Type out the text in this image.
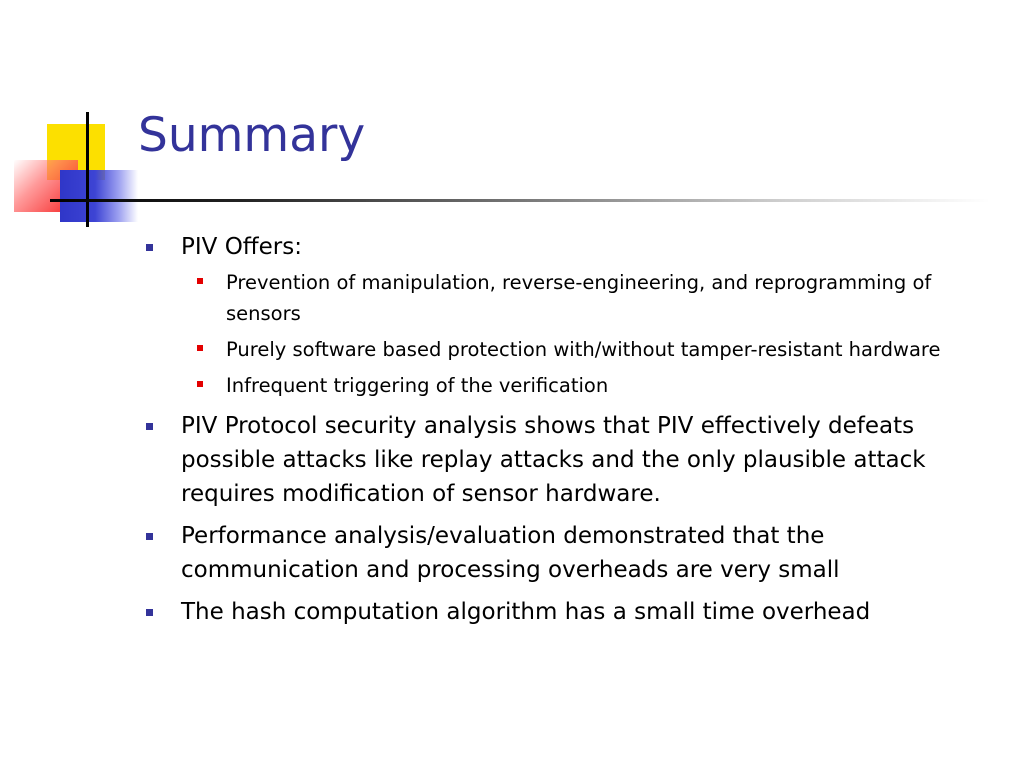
Summary
PIV Offers:
Prevention of manipulation, reverse-engineering, and reprogramming of sensors
Purely software based protection with/without tamper-resistant hardware
Infrequent triggering of the verification
PIV Protocol security analysis shows that PIV effectively defeats possible attacks like replay attacks and the only plausible attack requires modification of sensor hardware.
Performance analysis/evaluation demonstrated that the communication and processing overheads are very small
The hash computation algorithm has a small time overhead
